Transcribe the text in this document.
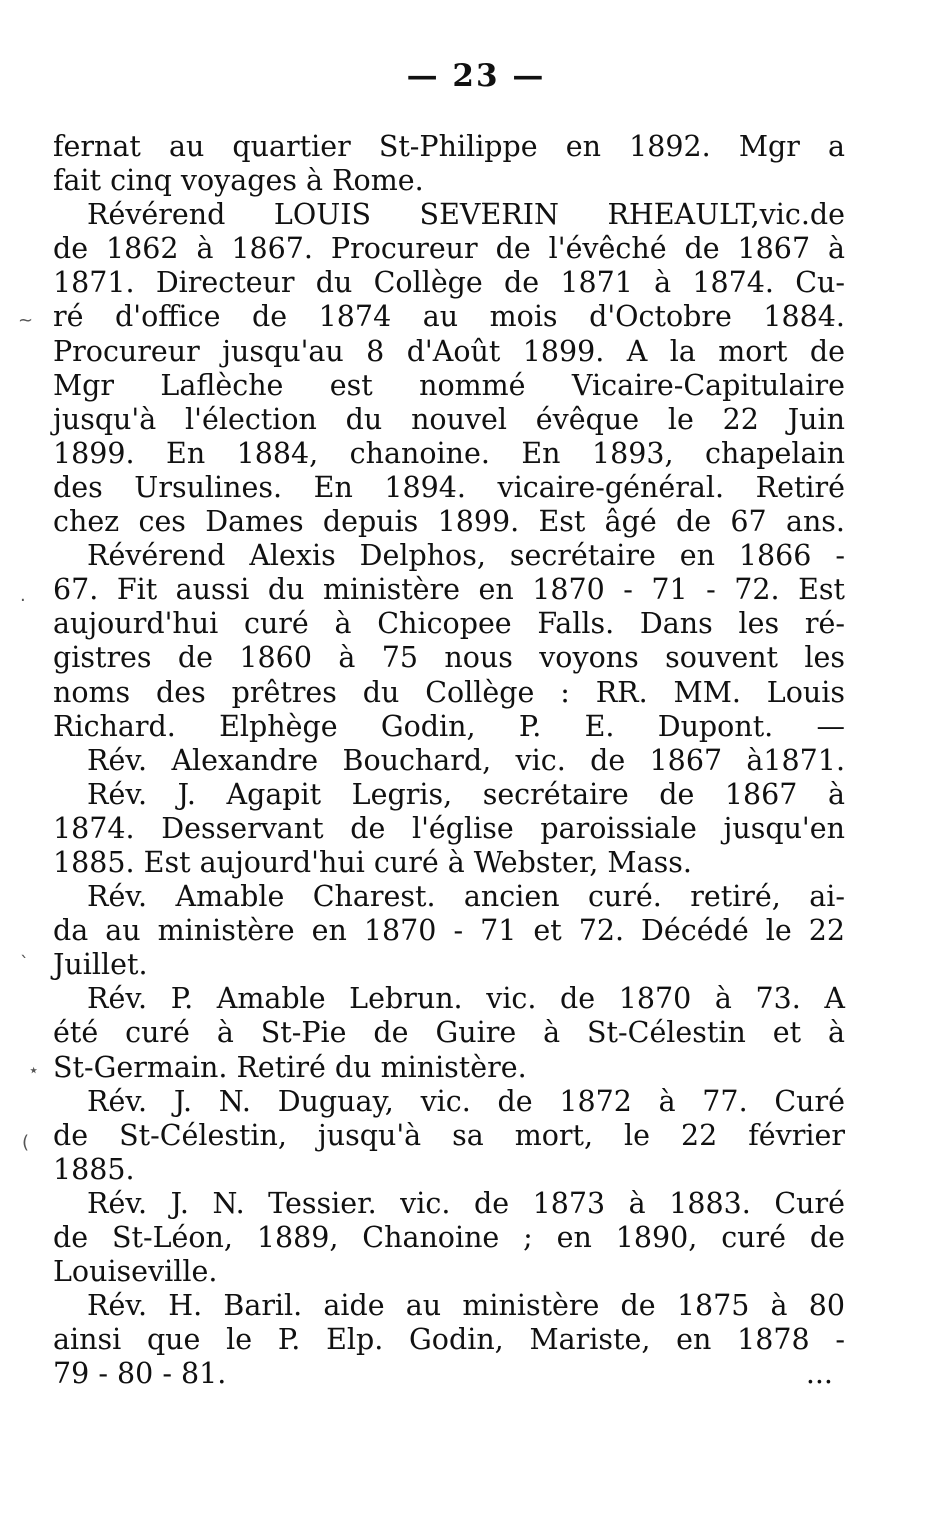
— 23 —
fernat au quartier St-Philippe en 1892. Mgr a
fait cinq voyages à Rome.
Révérend LOUIS SEVERIN RHEAULT,vic.de
de 1862 à 1867. Procureur de l'évêché de 1867 à
1871. Directeur du Collège de 1871 à 1874. Cu-
ré d'office de 1874 au mois d'Octobre 1884.
Procureur jusqu'au 8 d'Août 1899. A la mort de
Mgr Laflèche est nommé Vicaire-Capitulaire
jusqu'à l'élection du nouvel évêque le 22 Juin
1899. En 1884, chanoine. En 1893, chapelain
des Ursulines. En 1894. vicaire-général. Retiré
chez ces Dames depuis 1899. Est âgé de 67 ans.
Révérend Alexis Delphos, secrétaire en 1866 -
67. Fit aussi du ministère en 1870 - 71 - 72. Est
aujourd'hui curé à Chicopee Falls. Dans les ré-
gistres de 1860 à 75 nous voyons souvent les
noms des prêtres du Collège : RR. MM. Louis
Richard. Elphège Godin, P. E. Dupont. —
Rév. Alexandre Bouchard, vic. de 1867 à1871.
Rév. J. Agapit Legris, secrétaire de 1867 à
1874. Desservant de l'église paroissiale jusqu'en
1885. Est aujourd'hui curé à Webster, Mass.
Rév. Amable Charest. ancien curé. retiré, ai-
da au ministère en 1870 - 71 et 72. Décédé le 22
Juillet.
Rév. P. Amable Lebrun. vic. de 1870 à 73. A
été curé à St-Pie de Guire à St-Célestin et à
St-Germain. Retiré du ministère.
Rév. J. N. Duguay, vic. de 1872 à 77. Curé
de St-Célestin, jusqu'à sa mort, le 22 février
1885.
Rév. J. N. Tessier. vic. de 1873 à 1883. Curé
de St-Léon, 1889, Chanoine ; en 1890, curé de
Louiseville.
Rév. H. Baril. aide au ministère de 1875 à 80
ainsi que le P. Elp. Godin, Mariste, en 1878 -
79 - 80 - 81.	...
~
·
`
⋆
(
